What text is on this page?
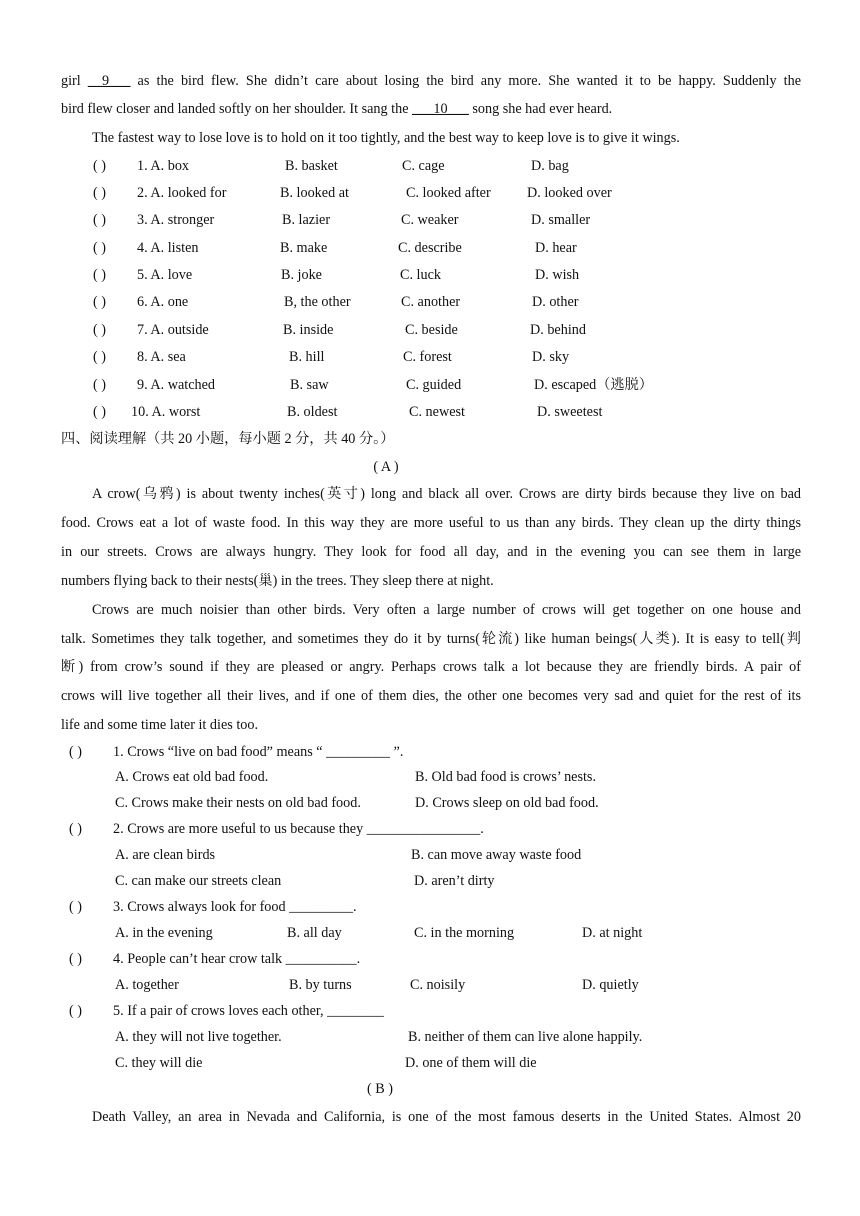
girl __9___ as the bird flew. She didn’t care about losing the bird any more. She wanted it to be happy. Suddenly the
bird flew closer and landed softly on her shoulder. It sang the ___10___ song she had ever heard.
The fastest way to lose love is to hold on it too tightly, and the best way to keep love is to give it wings.
( ) 1. A. box	B. basket	C. cage	D. bag
( ) 2. A. looked for	B. looked at	C. looked after	D. looked over
( ) 3. A. stronger	B. lazier	C. weaker	D. smaller
( ) 4. A. listen	B. make	C. describe	D. hear
( ) 5. A. love	B. joke	C. luck	D. wish
( ) 6. A. one	B, the other	C. another	D. other
( ) 7. A. outside	B. inside	C. beside	D. behind
( ) 8. A. sea	B. hill	C. forest	D. sky
( ) 9. A. watched	B. saw	C. guided	D. escaped（逃脱）
( ) 10. A. worst	B. oldest	C. newest	D. sweetest
四、阅读理解（共 20 小题，每小题 2 分，共 40 分。）
( A )
A crow(乌鸦) is about twenty inches(英寸) long and black all over. Crows are dirty birds because they live on bad
food. Crows eat a lot of waste food. In this way they are more useful to us than any birds. They clean up the dirty things
in our streets. Crows are always hungry. They look for food all day, and in the evening you can see them in large
numbers flying back to their nests(巢) in the trees. They sleep there at night.
Crows are much noisier than other birds. Very often a large number of crows will get together on one house and
talk. Sometimes they talk together, and sometimes they do it by turns(轮流) like human beings(人类). It is easy to tell(判
断) from crow’s sound if they are pleased or angry. Perhaps crows talk a lot because they are friendly birds. A pair of
crows will live together all their lives, and if one of them dies, the other one becomes very sad and quiet for the rest of its
life and some time later it dies too.
( ) 1. Crows “live on bad food” means “ _________ ”.
A. Crows eat old bad food.	B. Old bad food is crows’ nests.
C. Crows make their nests on old bad food.	D. Crows sleep on old bad food.
( ) 2. Crows are more useful to us because they ________________.
A. are clean birds	B. can move away waste food
C. can make our streets clean	D. aren’t dirty
( ) 3. Crows always look for food _________.
A. in the evening	B. all day	C. in the morning	D. at night
( ) 4. People can’t hear crow talk __________.
A. together	B. by turns	C. noisily	D. quietly
( ) 5. If a pair of crows loves each other, ________
A. they will not live together.	B. neither of them can live alone happily.
C. they will die	D. one of them will die
( B )
Death Valley, an area in Nevada and California, is one of the most famous deserts in the United States. Almost 20
